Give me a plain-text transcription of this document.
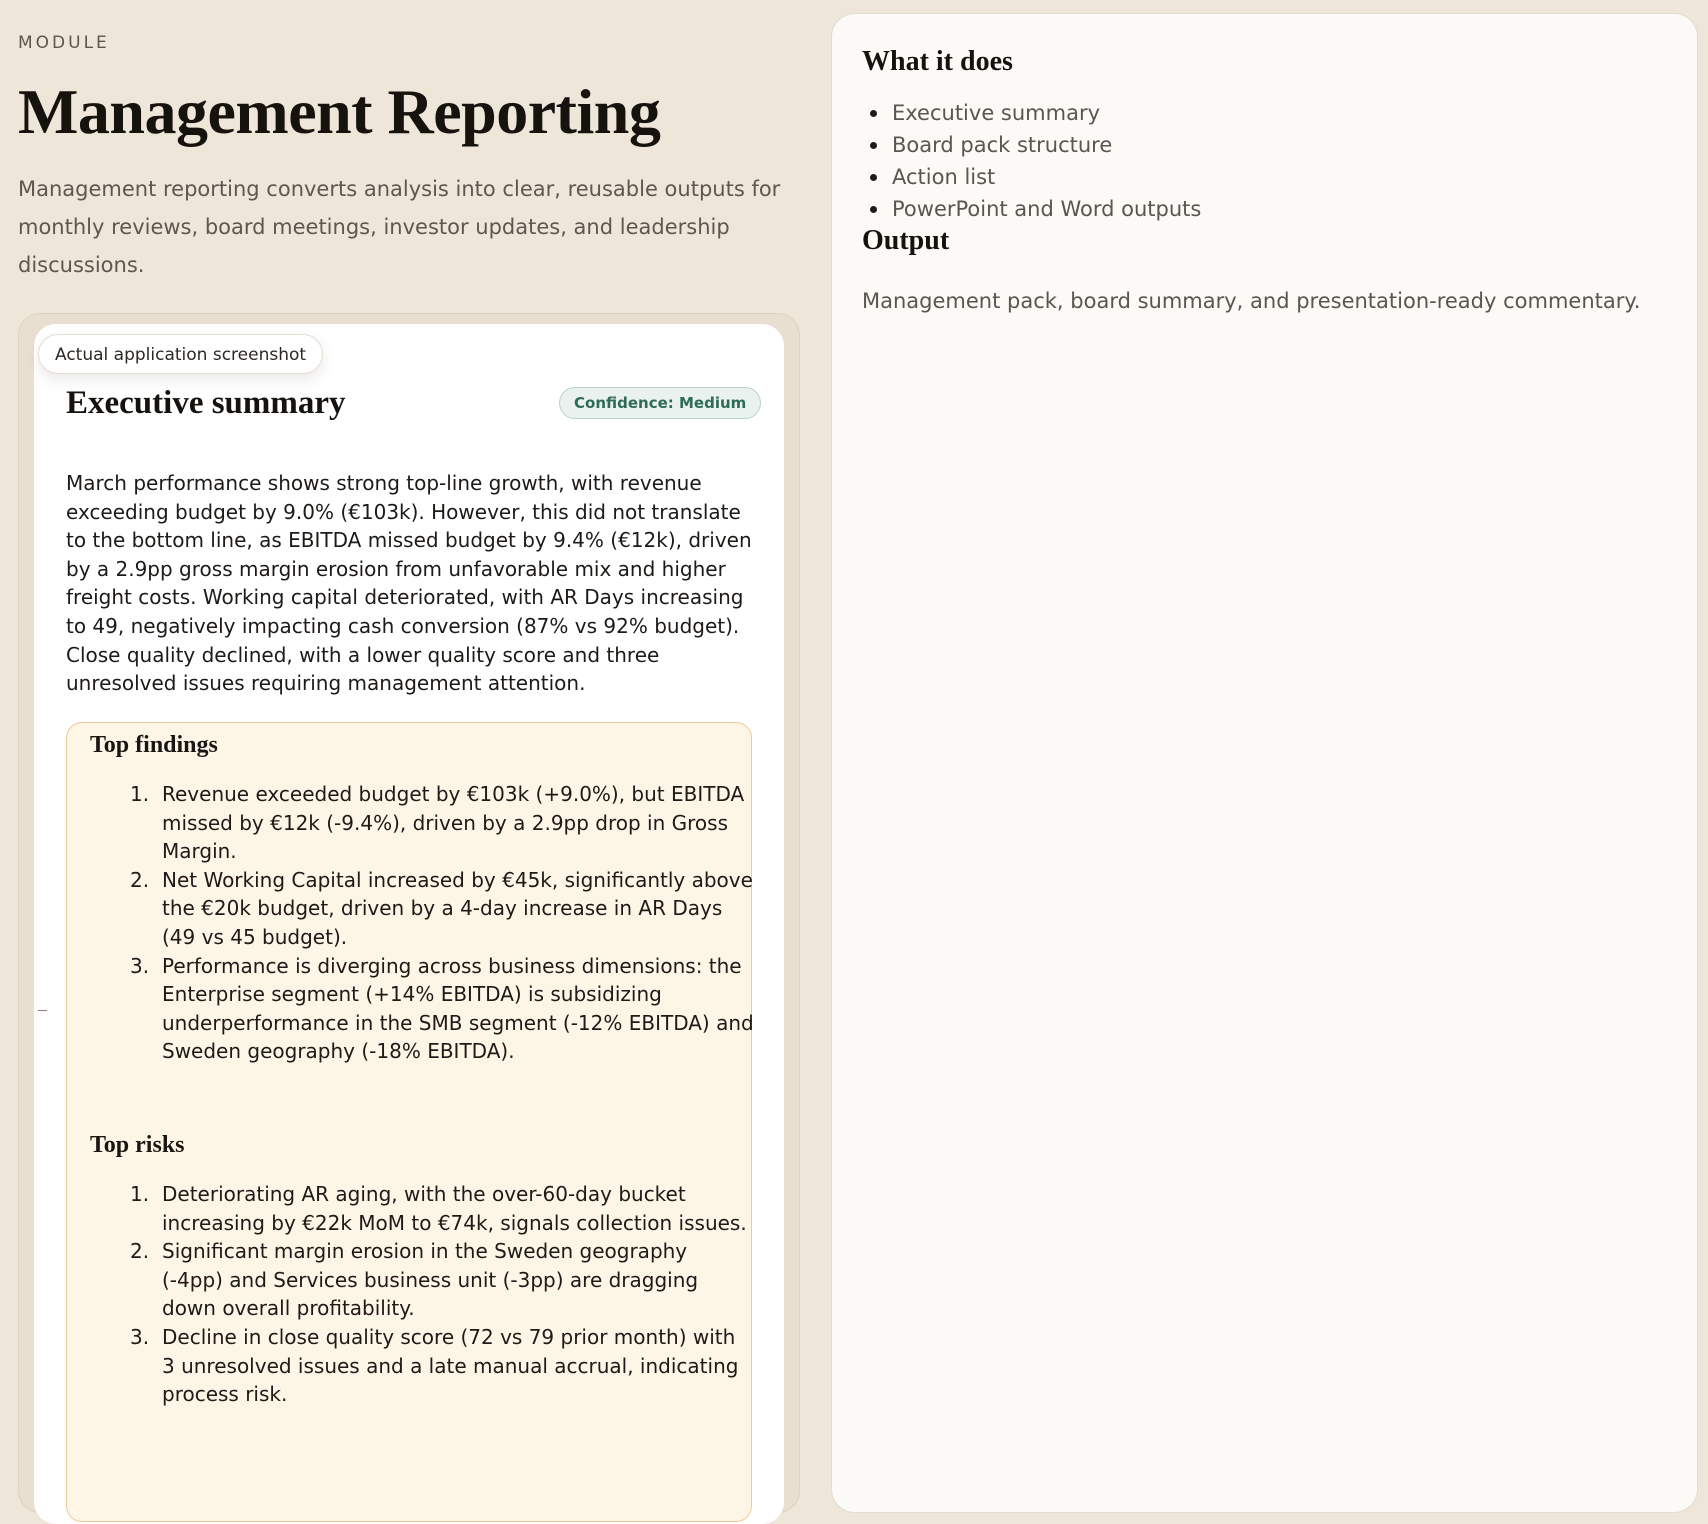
MODULE
Management Reporting

Management reporting converts analysis into clear, reusable outputs for monthly reviews, board meetings, investor updates, and leadership discussions.

Actual application screenshot
Executive summary	Confidence: Medium

March performance shows strong top-line growth, with revenue exceeding budget by 9.0% (€103k). However, this did not translate to the bottom line, as EBITDA missed budget by 9.4% (€12k), driven by a 2.9pp gross margin erosion from unfavorable mix and higher freight costs. Working capital deteriorated, with AR Days increasing to 49, negatively impacting cash conversion (87% vs 92% budget). Close quality declined, with a lower quality score and three unresolved issues requiring management attention.

Top findings
1. Revenue exceeded budget by €103k (+9.0%), but EBITDA missed by €12k (-9.4%), driven by a 2.9pp drop in Gross Margin.
2. Net Working Capital increased by €45k, significantly above the €20k budget, driven by a 4-day increase in AR Days (49 vs 45 budget).
3. Performance is diverging across business dimensions: the Enterprise segment (+14% EBITDA) is subsidizing underperformance in the SMB segment (-12% EBITDA) and Sweden geography (-18% EBITDA).
Top risks
1. Deteriorating AR aging, with the over-60-day bucket increasing by €22k MoM to €74k, signals collection issues.
2. Significant margin erosion in the Sweden geography (-4pp) and Services business unit (-3pp) are dragging down overall profitability.
3. Decline in close quality score (72 vs 79 prior month) with 3 unresolved issues and a late manual accrual, indicating process risk.
What it does
Executive summary
Board pack structure
Action list
PowerPoint and Word outputs
Output

Management pack, board summary, and presentation-ready commentary.
